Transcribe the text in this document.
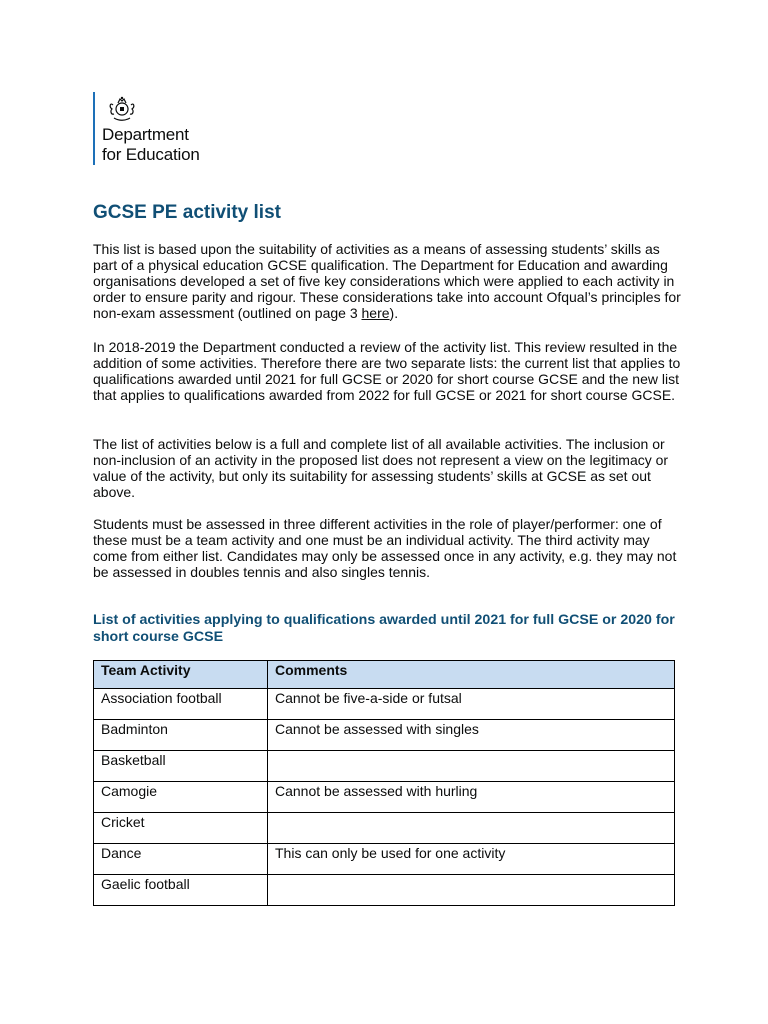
Department
for Education
GCSE PE activity list

This list is based upon the suitability of activities as a means of assessing students’ skills as part of a physical education GCSE qualification. The Department for Education and awarding organisations developed a set of five key considerations which were applied to each activity in order to ensure parity and rigour. These considerations take into account Ofqual’s principles for non-exam assessment (outlined on page 3 here).

In 2018-2019 the Department conducted a review of the activity list. This review resulted in the addition of some activities. Therefore there are two separate lists: the current list that applies to qualifications awarded until 2021 for full GCSE or 2020 for short course GCSE and the new list that applies to qualifications awarded from 2022 for full GCSE or 2021 for short course GCSE.

The list of activities below is a full and complete list of all available activities. The inclusion or non-inclusion of an activity in the proposed list does not represent a view on the legitimacy or value of the activity, but only its suitability for assessing students’ skills at GCSE as set out above.

Students must be assessed in three different activities in the role of player/performer: one of these must be a team activity and one must be an individual activity. The third activity may come from either list. Candidates may only be assessed once in any activity, e.g. they may not be assessed in doubles tennis and also singles tennis.

List of activities applying to qualifications awarded until 2021 for full GCSE or 2020 for short course GCSE
Team Activity	Comments
Association football	Cannot be five-a-side or futsal
Badminton	Cannot be assessed with singles
Basketball	
Camogie	Cannot be assessed with hurling
Cricket	
Dance	This can only be used for one activity
Gaelic football	
